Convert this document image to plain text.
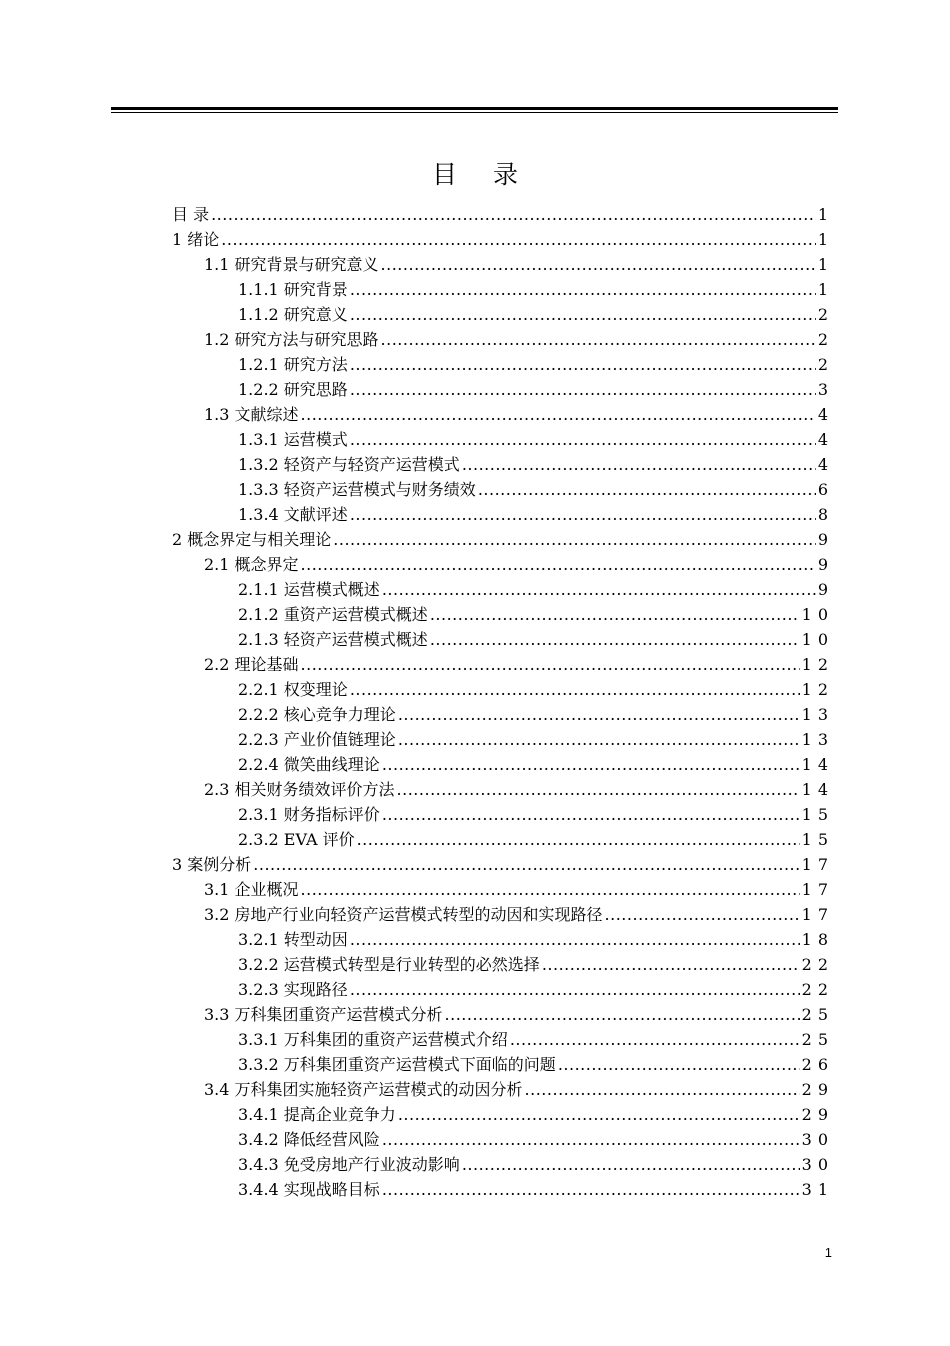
目 录
目 录 .....	1
1 绪论 .....	1
1.1 研究背景与研究意义 .....	1
1.1.1 研究背景 .....	1
1.1.2 研究意义 .....	2
1.2 研究方法与研究思路 .....	2
1.2.1 研究方法 .....	2
1.2.2 研究思路 .....	3
1.3 文献综述 .....	4
1.3.1 运营模式 .....	4
1.3.2 轻资产与轻资产运营模式 .....	4
1.3.3 轻资产运营模式与财务绩效 .....	6
1.3.4 文献评述 .....	8
2 概念界定与相关理论 .....	9
2.1 概念界定 .....	9
2.1.1 运营模式概述 .....	9
2.1.2 重资产运营模式概述 .....	10
2.1.3 轻资产运营模式概述 .....	10
2.2 理论基础 .....	12
2.2.1 权变理论 .....	12
2.2.2 核心竞争力理论 .....	13
2.2.3 产业价值链理论 .....	13
2.2.4 微笑曲线理论 .....	14
2.3 相关财务绩效评价方法 .....	14
2.3.1 财务指标评价 .....	15
2.3.2 EVA 评价 .....	15
3 案例分析 .....	17
3.1 企业概况 .....	17
3.2 房地产行业向轻资产运营模式转型的动因和实现路径 .....	17
3.2.1 转型动因 .....	18
3.2.2 运营模式转型是行业转型的必然选择 .....	22
3.2.3 实现路径 .....	22
3.3 万科集团重资产运营模式分析 .....	25
3.3.1 万科集团的重资产运营模式介绍 .....	25
3.3.2 万科集团重资产运营模式下面临的问题 .....	26
3.4 万科集团实施轻资产运营模式的动因分析 .....	29
3.4.1 提高企业竞争力 .....	29
3.4.2 降低经营风险 .....	30
3.4.3 免受房地产行业波动影响 .....	30
3.4.4 实现战略目标 .....	31
1
